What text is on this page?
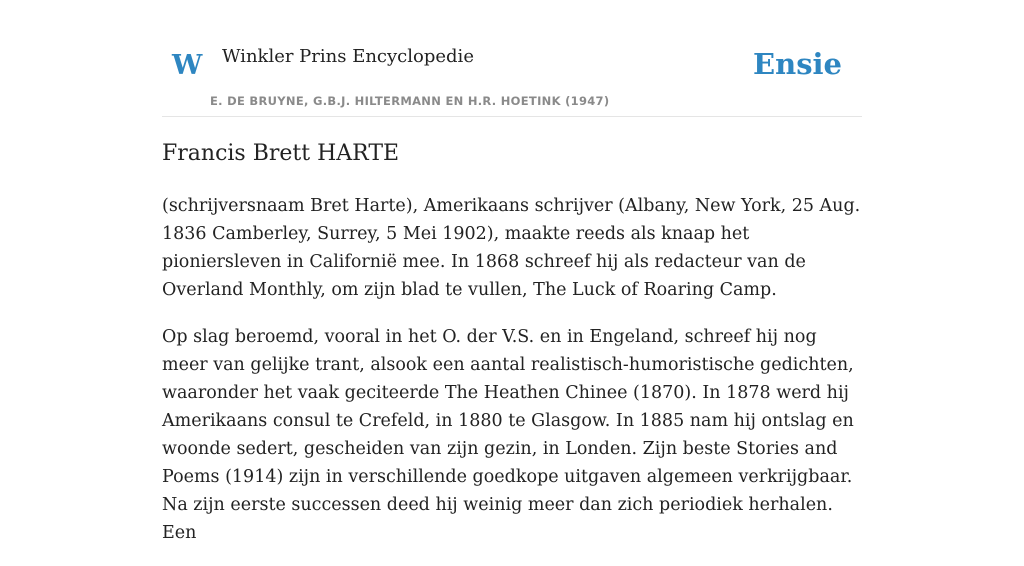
W Winkler Prins Encyclopedie
E. DE BRUYNE, G.B.J. HILTERMANN EN H.R. HOETINK (1947)
Ensie
Francis Brett HARTE

(schrijversnaam Bret Harte), Amerikaans schrijver (Albany, New York, 25 Aug. 1836 Camberley, Surrey, 5 Mei 1902), maakte reeds als knaap het pioniersleven in Californië mee. In 1868 schreef hij als redacteur van de Overland Monthly, om zijn blad te vullen, The Luck of Roaring Camp.

Op slag beroemd, vooral in het O. der V.S. en in Engeland, schreef hij nog meer van gelijke trant, alsook een aantal realistisch-humoristische gedichten, waaronder het vaak geciteerde The Heathen Chinee (1870). In 1878 werd hij Amerikaans consul te Crefeld, in 1880 te Glasgow. In 1885 nam hij ontslag en woonde sedert, gescheiden van zijn gezin, in Londen. Zijn beste Stories and Poems (1914) zijn in verschillende goedkope uitgaven algemeen verkrijgbaar. Na zijn eerste successen deed hij weinig meer dan zich periodiek herhalen. Een
